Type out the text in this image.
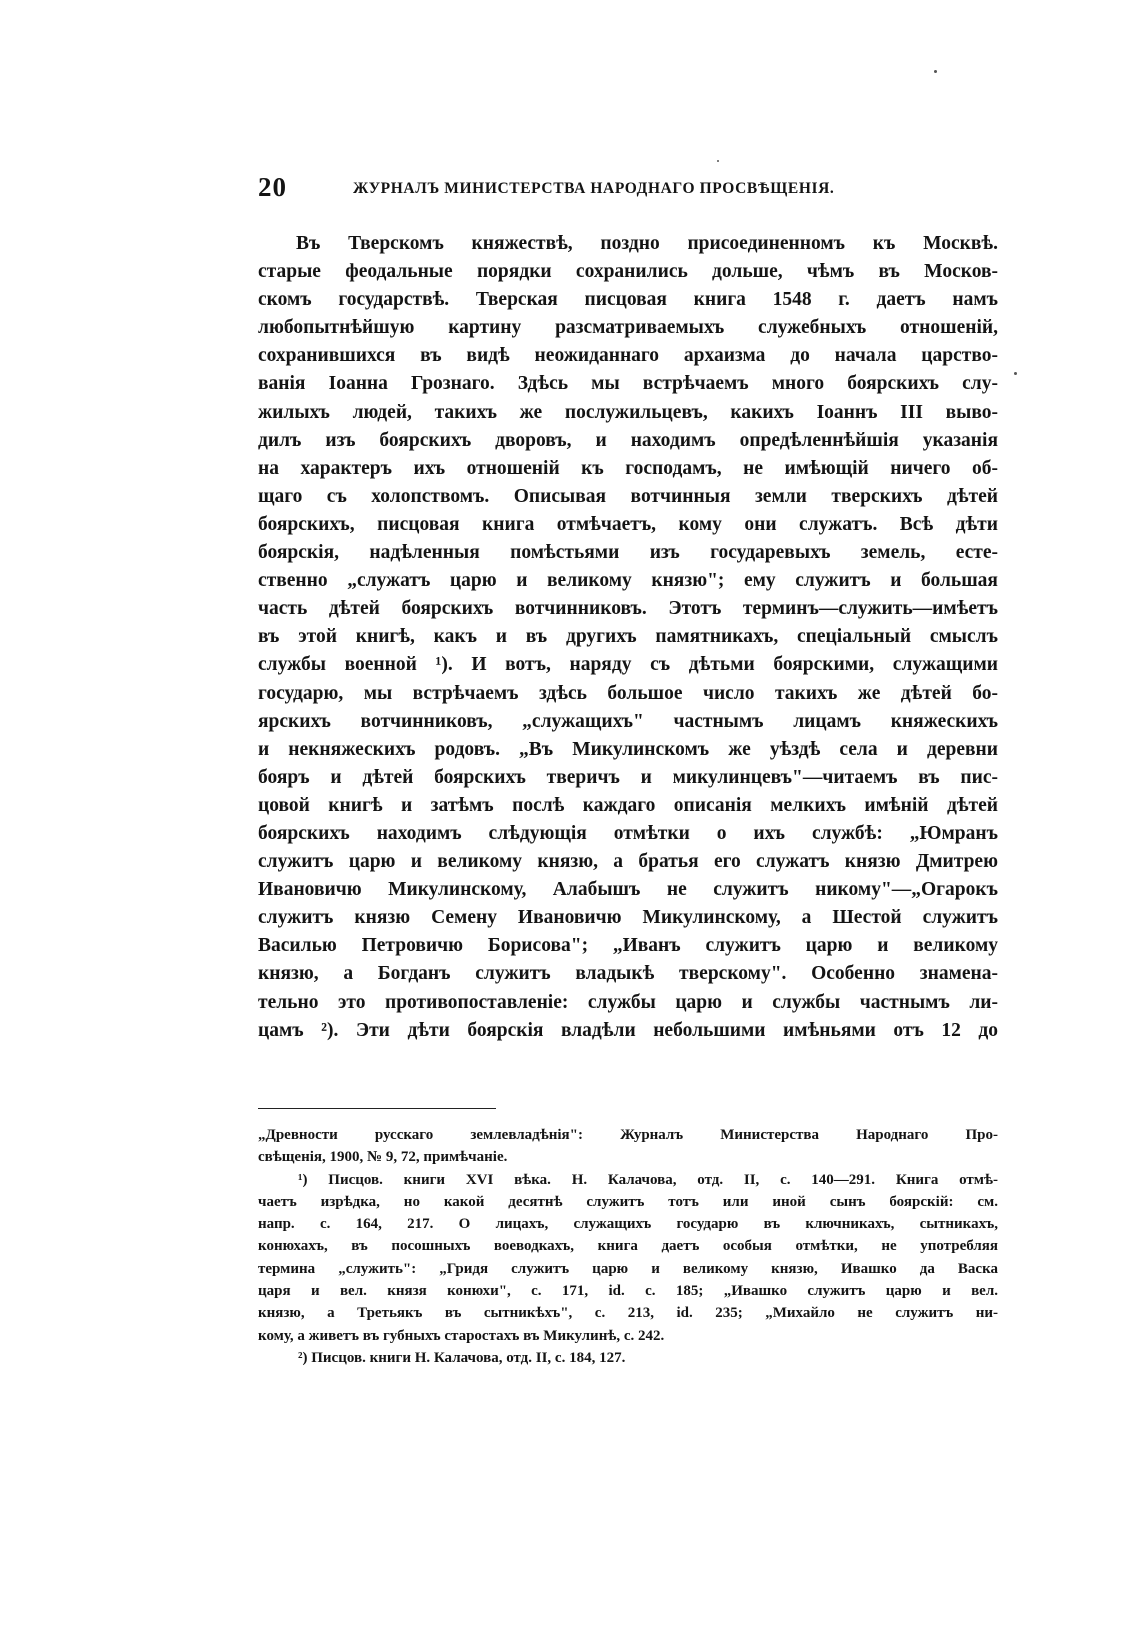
20	ЖУРНАЛЪ МИНИСТЕРСТВА НАРОДНАГО ПРОСВѢЩЕНІЯ.
Въ Тверскомъ княжествѣ, поздно присоединенномъ къ Москвѣ.
старые феодальные порядки сохранились дольше, чѣмъ въ Москов-
скомъ государствѣ. Тверская писцовая книга 1548 г. даетъ намъ
любопытнѣйшую картину разсматриваемыхъ служебныхъ отношеній,
сохранившихся въ видѣ неожиданнаго архаизма до начала царство-
ванія Іоанна Грознаго. Здѣсь мы встрѣчаемъ много боярскихъ слу-
жилыхъ людей, такихъ же послужильцевъ, какихъ Іоаннъ III выво-
дилъ изъ боярскихъ дворовъ, и находимъ опредѣленнѣйшія указанія
на характеръ ихъ отношеній къ господамъ, не имѣющій ничего об-
щаго съ холопствомъ. Описывая вотчинныя земли тверскихъ дѣтей
боярскихъ, писцовая книга отмѣчаетъ, кому они служатъ. Всѣ дѣти
боярскія, надѣленныя помѣстьями изъ государевыхъ земель, есте-
ственно „служатъ царю и великому князю"; ему служитъ и большая
часть дѣтей боярскихъ вотчинниковъ. Этотъ терминъ—служить—имѣетъ
въ этой книгѣ, какъ и въ другихъ памятникахъ, спеціальный смыслъ
службы военной ¹). И вотъ, наряду съ дѣтьми боярскими, служащими
государю, мы встрѣчаемъ здѣсь большое число такихъ же дѣтей бо-
ярскихъ вотчинниковъ, „служащихъ" частнымъ лицамъ княжескихъ
и некняжескихъ родовъ. „Въ Микулинскомъ же уѣздѣ села и деревни
бояръ и дѣтей боярскихъ тверичъ и микулинцевъ"—читаемъ въ пис-
цовой книгѣ и затѣмъ послѣ каждаго описанія мелкихъ имѣній дѣтей
боярскихъ находимъ слѣдующія отмѣтки о ихъ службѣ: „Юмранъ
служитъ царю и великому князю, а братья его служатъ князю Дмитрею
Ивановичю Микулинскому, Алабышъ не служитъ никому"—„Огарокъ
служитъ князю Семену Ивановичю Микулинскому, а Шестой служитъ
Василью Петровичю Борисова"; „Иванъ служитъ царю и великому
князю, а Богданъ служитъ владыкѣ тверскому". Особенно знамена-
тельно это противопоставленіе: службы царю и службы частнымъ ли-
цамъ ²). Эти дѣти боярскія владѣли небольшими имѣньями отъ 12 до
„Древности русскаго землевладѣнія": Журналъ Министерства Народнаго Про-
свѣщенія, 1900, № 9, 72, примѣчаніе.
¹) Писцов. книги XVI вѣка. Н. Калачова, отд. II, с. 140—291. Книга отмѣ-
чаетъ изрѣдка, но какой десятнѣ служитъ тотъ или иной сынъ боярскій: см.
напр. с. 164, 217. О лицахъ, служащихъ государю въ ключникахъ, сытникахъ,
конюхахъ, въ посошныхъ воеводкахъ, книга даетъ особыя отмѣтки, не употребляя
термина „служить": „Гридя служитъ царю и великому князю, Ивашко да Васка
царя и вел. князя конюхи", с. 171, id. с. 185; „Ивашко служитъ царю и вел.
князю, а Третьякъ въ сытникѣхъ", с. 213, id. 235; „Михайло не служитъ ни-
кому, а живетъ въ губныхъ старостахъ въ Микулинѣ, с. 242.
²) Писцов. книги Н. Калачова, отд. II, с. 184, 127.
